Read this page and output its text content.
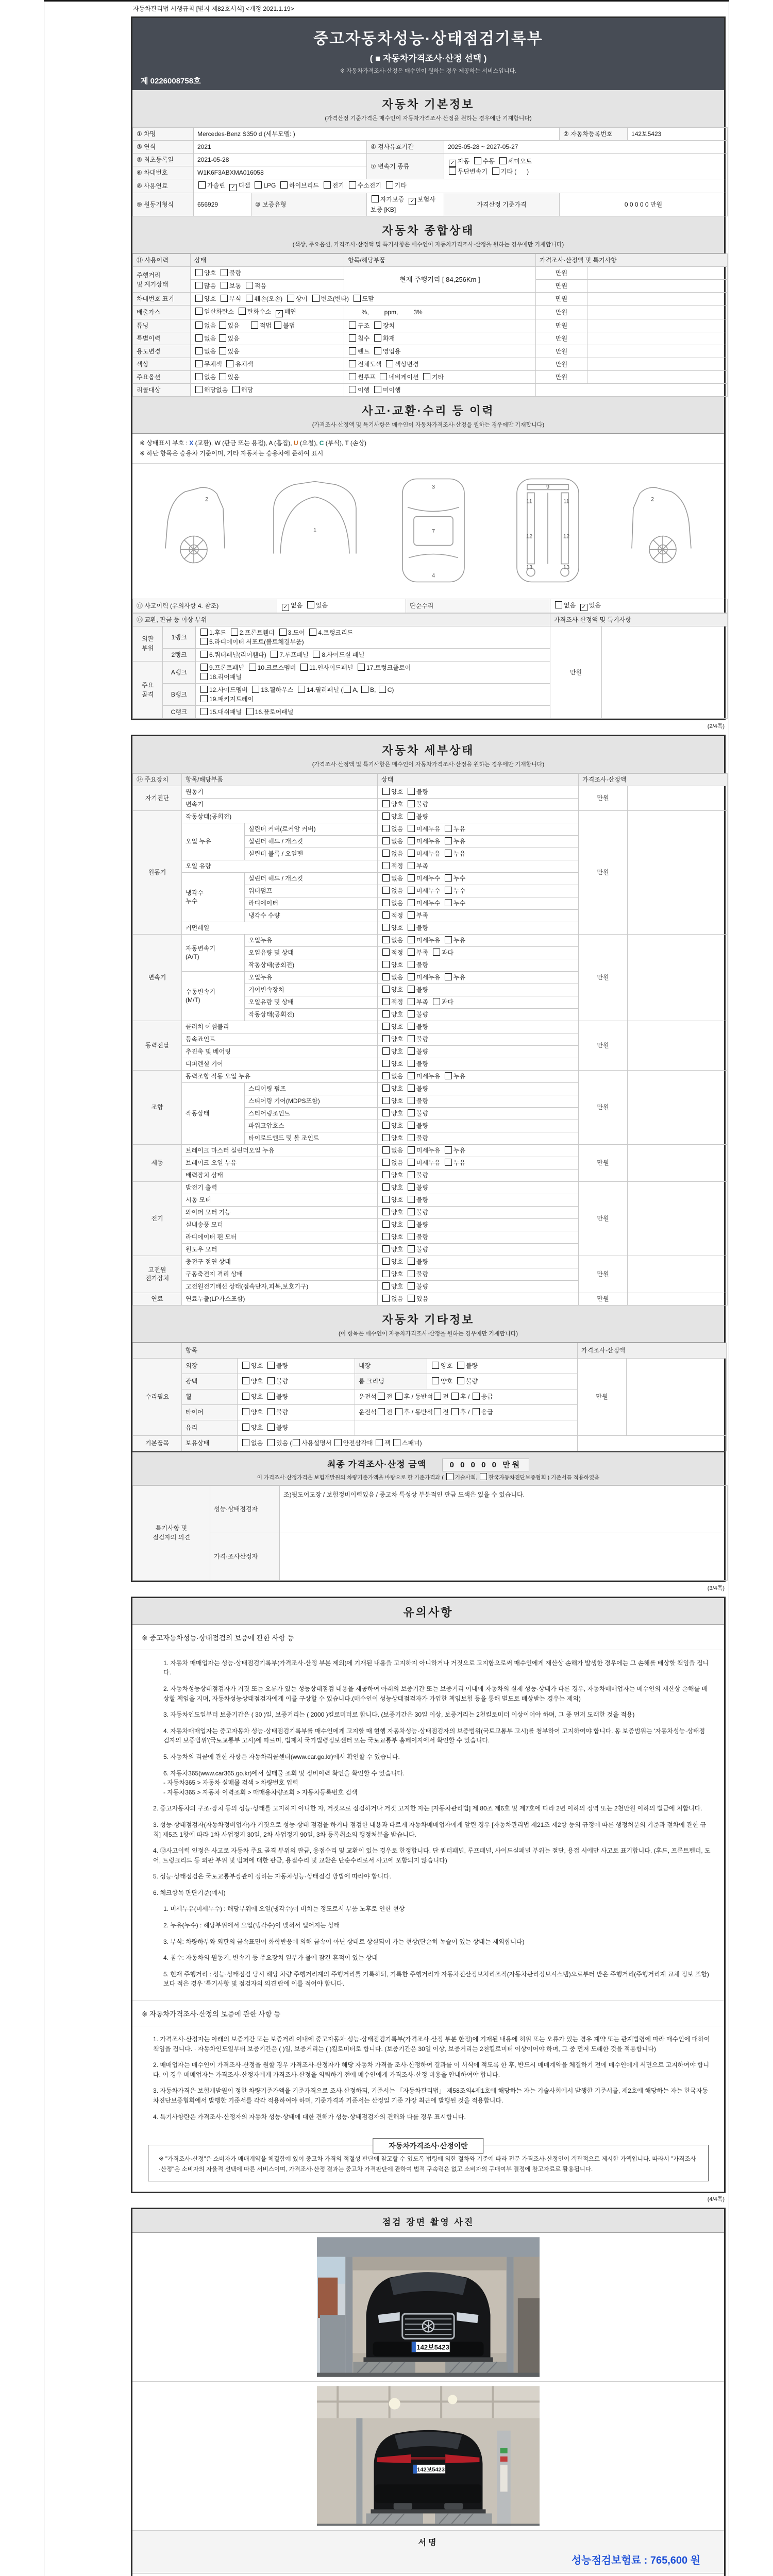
자동차관리법 시행규칙 [별지 제82호서식] <개정 2021.1.19>
중고자동차성능·상태점검기록부
( ■ 자동차가격조사·산정 선택 )
※ 자동차가격조사·산정은 매수인이 원하는 경우 제공하는 서비스입니다.
제 0226008758호
자동차 기본정보
(가격산정 기준가격은 매수인이 자동차가격조사·산정을 원하는 경우에만 기재합니다)
① 차명	Mercedes-Benz S350 d (세부모델: )				② 자동차등록번호	142보5423
③ 연식	2021		④ 검사유효기간	2025-05-28 ~ 2027-05-27		
⑤ 최초등록일	2021-05-28		⑦ 변속기 종류	✓ 자동  수동  세미오토
무단변속기  기타 (      )		
⑥ 차대번호	W1K6F3ABXMA016058					
⑧ 사용연료	가솔린  ✓ 디젤  LPG  하이브리드  전기  수소전기  기타					
⑨ 원동기형식	656929	⑩ 보증유형	자가보증  ✓ 보험사보증 [KB]	가격산정 기준가격	0 0 0 0 0 만원	
자동차 종합상태
(색상, 주요옵션, 가격조사·산정액 및 특기사항은 매수인이 자동차가격조사·산정을 원하는 경우에만 기재합니다)
⑪ 사용이력	상태	항목/해당부품	가격조사·산정액 및 특기사항	
주행거리
및 계기상태	양호  불량	현재 주행거리 [ 84,256Km ]	만원	
	많음  보통  적음		만원	
차대번호 표기	양호  부식  훼손(오손)  상이  변조(변타)  도말		만원	
배출가스	일산화탄소  탄화수소  ✓ 매연	%,         ppm,         3%	만원	
튜닝	없음 있음      적법 불법	구조  장치	만원	
특별이력	없음 있음	침수  화재	만원	
용도변경	없음 있음	렌트  영업용	만원	
색상	무채색  유채색	전체도색  색상변경	만원	
주요옵션	없음 있음	썬루프  네비게이션  기타	만원	
리콜대상	해당없음  해당	이행  미이행		
사고·교환·수리 등 이력
(가격조사·산정액 및 특기사항은 매수인이 자동차가격조사·산정을 원하는 경우에만 기재합니다)
※ 상태표시 부호 : X (교환), W (판금 또는 용접), A (흠집), U (요철), C (부식), T (손상)
※ 하단 항목은 승용차 기준이며, 기타 자동차는 승용차에 준하여 표시
2
1
3
7
4
9
11	11
12	12
13	13
2
⑫ 사고이력 (유의사항 4. 참조)	✓ 없음  있음	단순수리	없음  ✓ 있음
⑬ 교환, 판금 등 이상 부위			가격조사·산정액 및 특기사항	
외판
부위	1랭크	1.후드  2.프론트휀더  3.도어  4.트렁크리드
5.라디에이터 서포트(볼트체결부품)	만원	
	2랭크	6.쿼터패널(리어휀다)  7.루프패널  8.사이드실 패널		
주요
골격	A랭크	9.프론트패널  10.크로스멤버  11.인사이드패널  17.트렁크플로어
18.리어패널		
	B랭크	12.사이드멤버  13.휠하우스  14.필러패널 ( A, B, C)
19.패키지트레이		
	C랭크	15.대쉬패널  16.플로어패널		
(2/4쪽)
자동차 세부상태
(가격조사·산정액 및 특기사항은 매수인이 자동차가격조사·산정을 원하는 경우에만 기재합니다)
⑭ 주요장치	항목/해당부품		상태	가격조사·산정액	
자기진단	원동기		양호  불량	만원	
	변속기		양호  불량		
원동기	작동상태(공회전)		양호  불량	만원	
	오일 누유	실린더 커버(로커암 커버)	없음  미세누유  누유		
		실린더 헤드 / 개스킷	없음  미세누유  누유		
		실린더 블록 / 오일팬	없음  미세누유  누유		
	오일 유량		적정  부족		
	냉각수
누수	실린더 헤드 / 개스킷	없음  미세누수  누수		
		워터펌프	없음  미세누수  누수		
		라디에이터	없음  미세누수  누수		
		냉각수 수량	적정  부족		
	커먼레일		양호  불량		
변속기	자동변속기
(A/T)	오일누유	없음  미세누유  누유	만원	
		오일유량 및 상태	적정  부족  과다		
		작동상태(공회전)	양호  불량		
	수동변속기
(M/T)	오일누유	없음  미세누유  누유		
		기어변속장치	양호  불량		
		오일유량 및 상태	적정  부족  과다		
		작동상태(공회전)	양호  불량		
동력전달	클러치 어셈블리		양호  불량	만원	
	등속죠인트		양호  불량		
	추진축 및 베어링		양호  불량		
	디퍼렌셜 기어		양호  불량		
조향	동력조향 작동 오일 누유		없음  미세누유  누유	만원	
	작동상태	스티어링 펌프	양호  불량		
		스티어링 기어(MDPS포함)	양호  불량		
		스티어링조인트	양호  불량		
		파워고압호스	양호  불량		
		타이로드엔드 및 볼 조인트	양호  불량		
제동	브레이크 마스터 실린더오일 누유		없음  미세누유  누유	만원	
	브레이크 오일 누유		없음  미세누유  누유		
	배력장치 상태		양호  불량		
전기	발전기 출력		양호  불량	만원	
	시동 모터		양호  불량		
	와이퍼 모터 기능		양호  불량		
	실내송풍 모터		양호  불량		
	라디에이터 팬 모터		양호  불량		
	윈도우 모터		양호  불량		
고전원
전기장치	충전구 절연 상태		양호  불량	만원	
	구동축전지 격리 상태		양호  불량		
	고전원전기배선 상태(접속단자,피복,보호기구)		양호  불량		
연료	연료누출(LP가스포함)		없음  있음	만원	
자동차 기타정보
(이 항목은 매수인이 자동차가격조사·산정을 원하는 경우에만 기재합니다)
	항목				가격조사·산정액	
수리필요	외장	양호  불량	내장	양호  불량	만원	
	광택	양호  불량	룸 크리닝	양호  불량		
	휠	양호  불량	운전석 전 후 / 동반석 전 후 / 응급			
	타이어	양호  불량	운전석 전 후 / 동반석 전 후 / 응급			
	유리	양호  불량				
기본품목	보유상태	없음  있음 ( 사용설명서 안전삼각대 잭 스패너)				
최종 가격조사·산정 금액	0 0 0 0 0 만원
이 가격조사·산정가격은 보험개발원의 차량기준가액을 바탕으로 한 기준가격과 ( 기술사회, 한국자동차진단보증협회 ) 기준서를 적용하였음
특기사항 및
점검자의 의견	성능·상태점검자	조)뒷도어도장 / 보험정비이력있음 / 중고차 특성상 부분적인 판금 도색은 있을 수 있습니다.
	가격·조사산정자	
(3/4쪽)
유의사항
※ 중고자동차성능·상태점검의 보증에 관한 사항 등
1. 자동차 매매업자는 성능·상태점검기록부(가격조사·산정 부분 제외)에 기재된 내용을 고지하지 아니하거나 거짓으로 고지함으로써 매수인에게 재산상 손해가 발생한 경우에는 그 손해를 배상할 책임을 집니다.
2. 자동차성능상태점검자가 거짓 또는 오류가 있는 성능상태점검 내용을 제공하여 아래의 보증기간 또는 보증거리 이내에 자동차의 실제 성능·상태가 다른 경우, 자동차매매업자는 매수인의 재산상 손해를 배상할 책임을 지며, 자동차성능상태점검자에게 이를 구상할 수 있습니다.(매수인이 성능상태점검자가 가입한 책임보험 등을 통해 별도로 배상받는 경우는 제외)
3. 자동차인도일부터 보증기간은 ( 30 )일, 보증거리는 ( 2000 )킬로미터로 합니다. (보증기간은 30일 이상, 보증거리는 2천킬로미터 이상이어야 하며, 그 중 먼저 도래한 것을 적용)
4. 자동차매매업자는 중고자동차 성능·상태점검기록부를 매수인에게 고지할 때 현행 자동차성능·상태점검자의 보증범위(국토교통부 고시)를 첨부하여 고지하여야 합니다. 동 보증범위는 '자동차성능·상태점검자의 보증범위'(국토교통부 고시)에 따르며, 법제처 국가법령정보센터 또는 국토교통부 홈페이지에서 확인할 수 있습니다.
5. 자동차의 리콜에 관한 사항은 자동차리콜센터(www.car.go.kr)에서 확인할 수 있습니다.
6. 자동차365(www.car365.go.kr)에서 실매물 조회 및 정비이력 확인을 확인할 수 있습니다.
- 자동차365 > 자동차 실매물 검색 > 차량번호 입력
- 자동차365 > 자동차 이력조회 > 매매용차량조회 > 자동차등록번호 검색
2. 중고자동차의 구조·장치 등의 성능·상태를 고지하지 아니한 자, 거짓으로 점검하거나 거짓 고지한 자는 [자동차관리법] 제 80조 제6호 및 제7호에 따라 2년 이하의 징역 또는 2천만원 이하의 벌금에 처합니다.
3. 성능·상태점검자(자동차정비업자)가 거짓으로 성능·상태 점검을 하거나 점검한 내용과 다르게 자동차매매업자에게 알린 경우 [자동차관리법 제21조 제2항 등의 규정에 따른 행정처분의 기준과 절차에 관한 규칙] 제5조 1항에 따라 1차 사업정지 30일, 2차 사업정지 90일, 3차 등록취소의 행정처분을 받습니다.
4. ⑫사고이력 인정은 사고로 자동차 주요 골격 부위의 판금, 용접수리 및 교환이 있는 경우로 한정합니다. 단 쿼터패널, 루프패널, 사이드실패널 부위는 절단, 용접 시에만 사고로 표기합니다. (후드, 프론트펜더, 도어, 트렁크리드 등 외판 부위 및 범퍼에 대한 판금, 용접수리 및 교환은 단순수리로서 사고에 포함되지 않습니다)
5. 성능·상태점검은 국토교통부장관이 정하는 자동차성능·상태점검 방법에 따라야 합니다.
6. 체크항목 판단기준(예시)
1. 미세누유(미세누수) : 해당부위에 오일(냉각수)이 비치는 정도로서 부품 노후로 인한 현상
2. 누유(누수) : 해당부위에서 오일(냉각수)이 맺혀서 떨어지는 상태
3. 부식: 차량하부와 외판의 금속표면이 화학반응에 의해 금속이 아닌 상태로 상실되어 가는 현상(단순히 녹슬어 있는 상태는 제외합니다)
4. 침수: 자동차의 원동기, 변속기 등 주요장치 일부가 물에 잠긴 흔적이 있는 상태
5. 현재 주행거리 : 성능·상태점검 당시 해당 차량 주행거리계의 주행거리를 기록하되, 기록한 주행거리가 자동차전산정보처리조직(자동차관리정보시스템)으로부터 받은 주행거리(주행거리계 교체 정보 포함)보다 적은 경우 '특기사항 및 점검자의 의견'란에 이를 적어야 합니다.
※ 자동차가격조사·산정의 보증에 관한 사항 등
1. 가격조사·산정자는 아래의 보증기간 또는 보증거리 이내에 중고자동차 성능·상태점검기록부(가격조사·산정 부분 한정)에 기재된 내용에 허위 또는 오류가 있는 경우 계약 또는 관계법령에 따라 매수인에 대하여 책임을 집니다. · 자동차인도일부터 보증기간은 ( )일, 보증거리는 ( )킬로미터로 합니다. (보증기간은 30일 이상, 보증거리는 2천킬로미터 이상이어야 하며, 그 중 먼저 도래한 것을 적용합니다)
2. 매매업자는 매수인이 가격조사·산정을 원할 경우 가격조사·산정자가 해당 자동차 가격을 조사·산정하여 결과를 이 서식에 적도록 한 후, 반드시 매매계약을 체결하기 전에 매수인에게 서면으로 고지하여야 합니다. 이 경우 매매업자는 가격조사·산정자에게 가격조사·산정을 의뢰하기 전에 매수인에게 가격조사·산정 비용을 안내하여야 합니다.
3. 자동차가격은 보험개발원이 정한 차량기준가액을 기준가격으로 조사·산정하되, 기준서는 「자동차관리법」 제58조의4제1호에 해당하는 자는 기술사회에서 발행한 기준서를, 제2호에 해당하는 자는 한국자동차진단보증협회에서 발행한 기준서를 각각 적용하여야 하며, 기준가격과 기준서는 산정일 기준 가장 최근에 발행된 것을 적용합니다.
4. 특기사항란은 가격조사·산정자의 자동차 성능·상태에 대한 견해가 성능·상태점검자의 견해와 다를 경우 표시합니다.
자동차가격조사·산정이란
※ "가격조사·산정"은 소비자가 매매계약을 체결함에 있어 중고차 가격의 적절성 판단에 참고할 수 있도록 법령에 의한 절차와 기준에 따라 전문 가격조사·산정인이 객관적으로 제시한 가액입니다. 따라서 "가격조사·산정"은 소비자의 자율적 선택에 따른 서비스이며, 가격조사·산정 결과는 중고차 가격판단에 관하여 법적 구속력은 없고 소비자의 구매여부 결정에 참고자료로 활용됩니다.
(4/4쪽)
점검 장면 촬영 사진
142보5423
142보5423
서명
성능점검보험료 : 765,600 원
